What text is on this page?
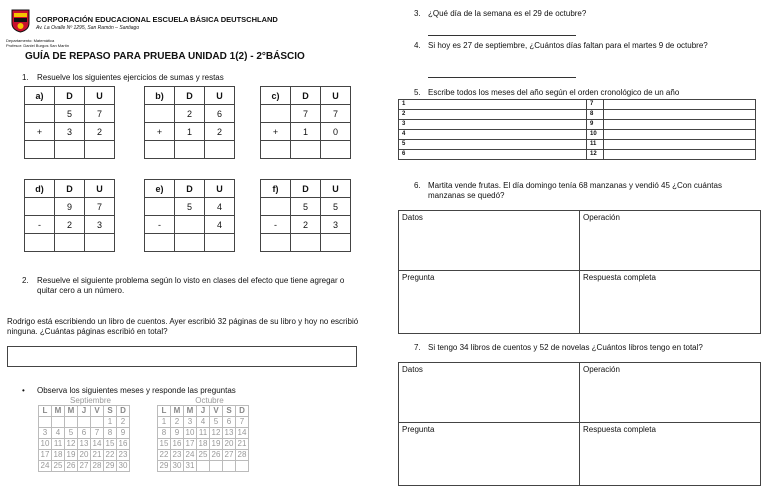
CORPORACIÓN EDUCACIONAL ESCUELA BÁSICA DEUTSCHLAND
Av. La Ovalle Nº 1295, San Ramón – Santiago
Departamento: Matemática
Profesor: Daniel Burgos San Martín
GUÍA DE REPASO PARA PRUEBA UNIDAD 1(2) - 2°BÁSCIO
1. Resuelve los siguientes ejercicios de sumas y restas
a)	D	U
	5	7
+	3	2

b)	D	U
	2	6
+	1	2

c)	D	U
	7	7
+	1	0

d)	D	U
	9	7
-	2	3

e)	D	U
	5	4
-		4

f)	D	U
	5	5
-	2	3

2. Resuelve el siguiente problema según lo visto en clases del efecto que tiene agregar o quitar cero a un número.
Rodrigo está escribiendo un libro de cuentos. Ayer escribió 32 páginas de su libro y hoy no escribió ninguna. ¿Cuántas páginas escribió en total?
• Observa los siguientes meses y responde las preguntas
Septiembre
L	M	M	J	V	S	D
					1	2
3	4	5	6	7	8	9
10	11	12	13	14	15	16
17	18	19	20	21	22	23
24	25	26	27	28	29	30
Octubre
L	M	M	J	V	S	D
1	2	3	4	5	6	7
8	9	10	11	12	13	14
15	16	17	18	19	20	21
22	23	24	25	26	27	28
29	30	31				
3. ¿Qué día de la semana es el 29 de octubre?
4. Si hoy es 27 de septiembre, ¿Cuántos días faltan para el martes 9 de octubre?
5. Escribe todos los meses del año según el orden cronológico de un año
1	7	
2	8	
3	9	
4	10	
5	11	
6	12	
6. Martita vende frutas. El día domingo tenía 68 manzanas y vendió 45 ¿Con cuántas manzanas se quedó?
Datos	Operación
Pregunta	Respuesta completa
7. Si tengo 34 libros de cuentos y 52 de novelas ¿Cuántos libros tengo en total?
Datos	Operación
Pregunta	Respuesta completa
